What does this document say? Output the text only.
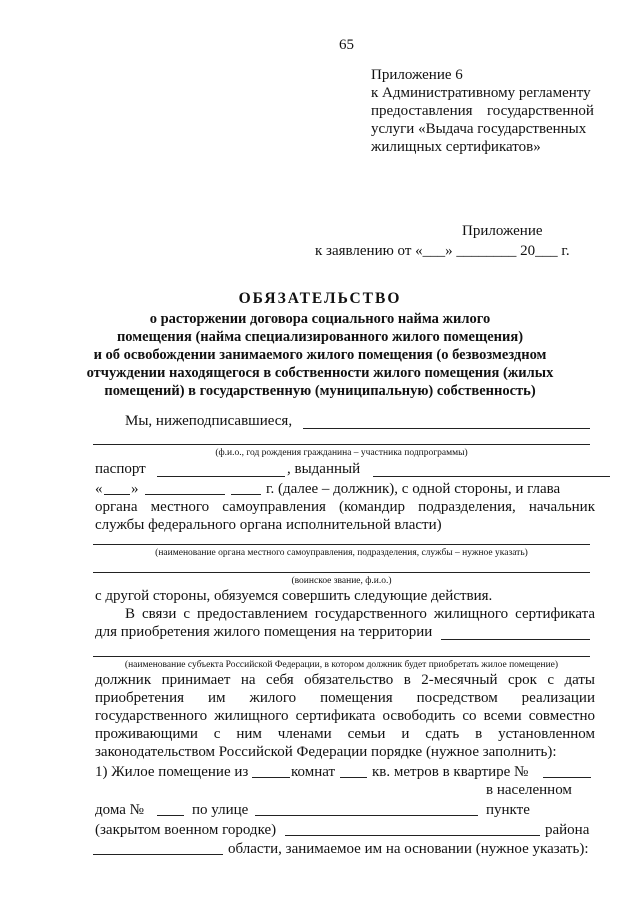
65
Приложение 6
к Административному регламенту
предоставления государственной
услуги «Выдача государственных
жилищных сертификатов»
Приложение
к заявлению от «___» ________ 20___ г.
ОБЯЗАТЕЛЬСТВО
о расторжении договора социального найма жилого
помещения (найма специализированного жилого помещения)
и об освобождении занимаемого жилого помещения (о безвозмездном
отчуждении находящегося в собственности жилого помещения (жилых
помещений) в государственную (муниципальную) собственность)
Мы, нижеподписавшиеся,
(ф.и.о., год рождения гражданина – участника подпрограммы)
паспорт	, выданный
« »	г. (далее – должник), с одной стороны, и глава
органа местного самоуправления (командир подразделения, начальник
службы федерального органа исполнительной власти)
(наименование органа местного самоуправления, подразделения, службы – нужное указать)
(воинское звание, ф.и.о.)
с другой стороны, обязуемся совершить следующие действия.
В связи с предоставлением государственного жилищного сертификата
для приобретения жилого помещения на территории
(наименование субъекта Российской Федерации, в котором должник будет приобретать жилое помещение)
должник принимает на себя обязательство в 2-месячный срок с даты
приобретения им жилого помещения посредством реализации
государственного жилищного сертификата освободить со всеми совместно
проживающими с ним членами семьи и сдать в установленном
законодательством Российской Федерации порядке (нужное заполнить):
1) Жилое помещение из	комнат кв. метров в квартире №
в населенном
дома №	по улице	пункте
(закрытом военном городке)	района
области, занимаемое им на основании (нужное указать):
